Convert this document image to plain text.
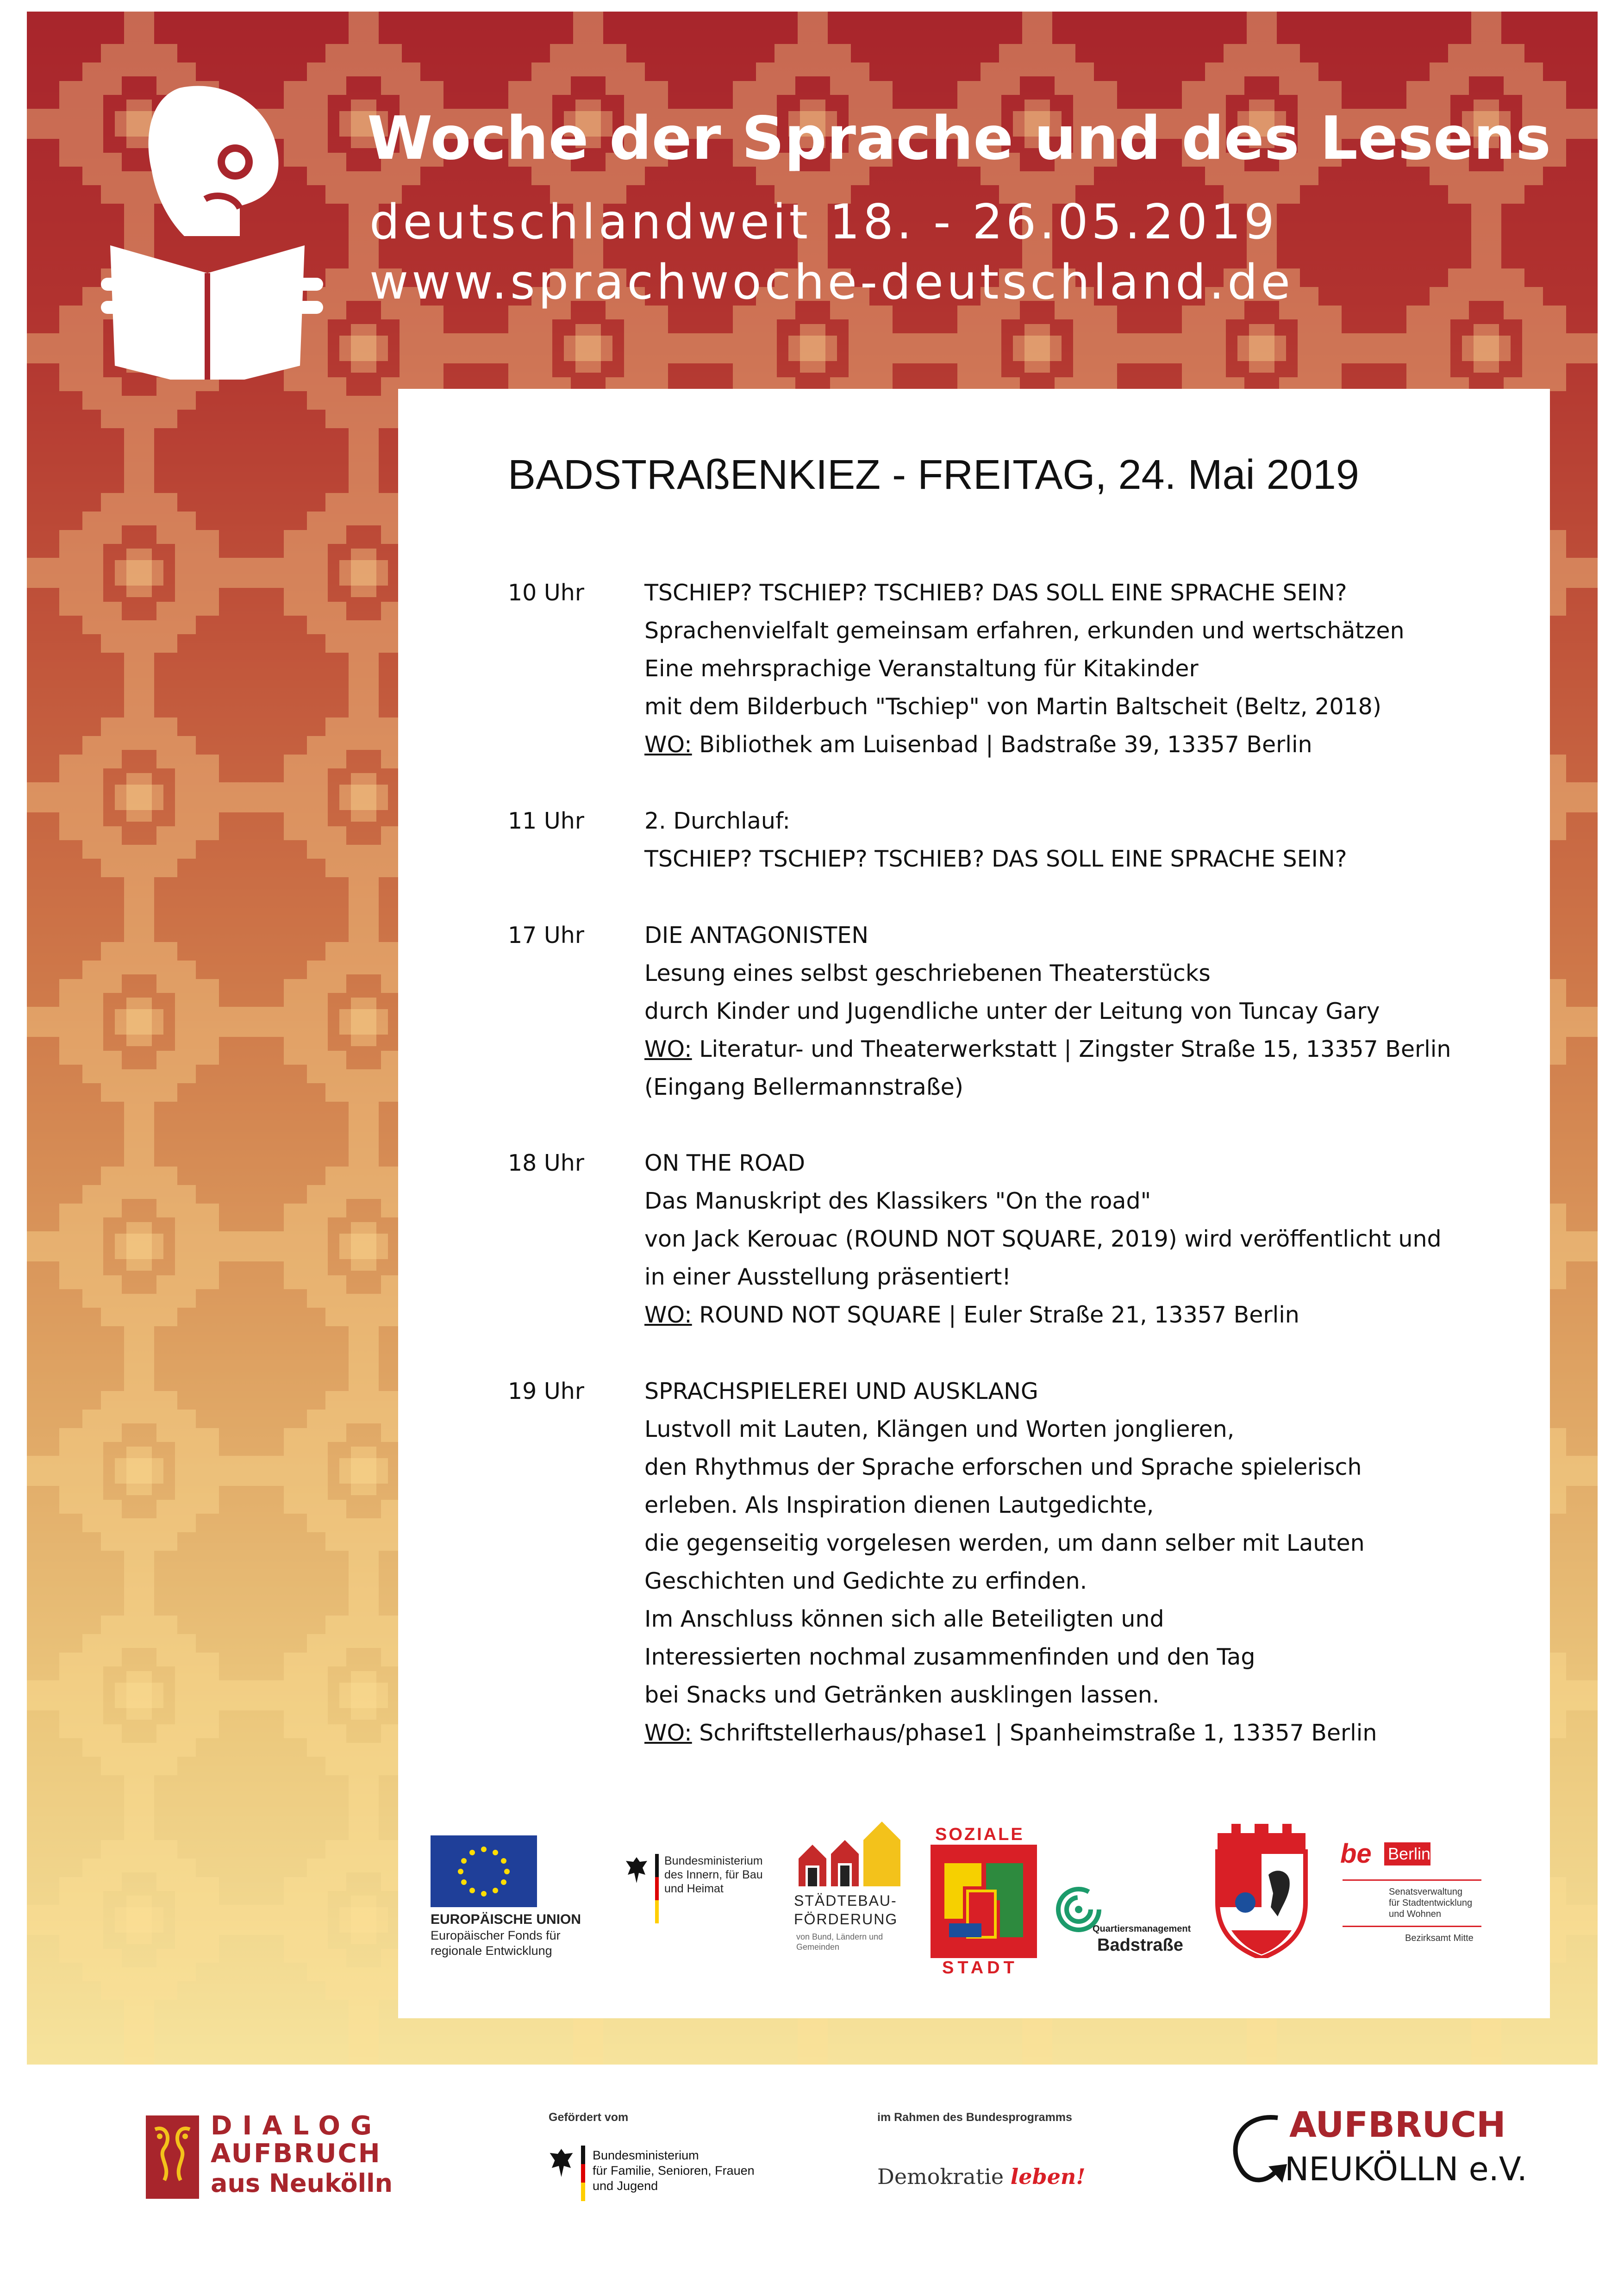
Woche der Sprache und des Lesens
deutschlandweit 18. - 26.05.2019
www.sprachwoche-deutschland.de
BADSTRAßENKIEZ - FREITAG, 24. Mai 2019
10 Uhr	TSCHIEP? TSCHIEP? TSCHIEB? DAS SOLL EINE SPRACHE SEIN?
Sprachenvielfalt gemeinsam erfahren, erkunden und wertschätzen
Eine mehrsprachige Veranstaltung für Kitakinder
mit dem Bilderbuch "Tschiep" von Martin Baltscheit (Beltz, 2018)
WO: Bibliothek am Luisenbad | Badstraße 39, 13357 Berlin
11 Uhr	2. Durchlauf:
TSCHIEP? TSCHIEP? TSCHIEB? DAS SOLL EINE SPRACHE SEIN?
17 Uhr	DIE ANTAGONISTEN
Lesung eines selbst geschriebenen Theaterstücks
durch Kinder und Jugendliche unter der Leitung von Tuncay Gary
WO: Literatur- und Theaterwerkstatt | Zingster Straße 15, 13357 Berlin
(Eingang Bellermannstraße)
18 Uhr	ON THE ROAD
Das Manuskript des Klassikers "On the road"
von Jack Kerouac (ROUND NOT SQUARE, 2019) wird veröffentlicht und
in einer Ausstellung präsentiert!
WO: ROUND NOT SQUARE | Euler Straße 21, 13357 Berlin
19 Uhr	SPRACHSPIELEREI UND AUSKLANG
Lustvoll mit Lauten, Klängen und Worten jonglieren,
den Rhythmus der Sprache erforschen und Sprache spielerisch
erleben. Als Inspiration dienen Lautgedichte,
die gegenseitig vorgelesen werden, um dann selber mit Lauten
Geschichten und Gedichte zu erfinden.
Im Anschluss können sich alle Beteiligten und
Interessierten nochmal zusammenfinden und den Tag
bei Snacks und Getränken ausklingen lassen.
WO: Schriftstellerhaus/phase1 | Spanheimstraße 1, 13357 Berlin
EUROPÄISCHE UNION
Europäischer Fonds für
regionale Entwicklung
Bundesministerium
des Innern, für Bau
und Heimat
STÄDTEBAU-
FÖRDERUNG
von Bund, Ländern und
Gemeinden
SOZIALE
STADT
Quartiersmanagement
Badstraße
be Berlin
Senatsverwaltung
für Stadtentwicklung
und Wohnen
Bezirksamt Mitte
DIALOG
AUFBRUCH
aus Neukölln
Gefördert vom
Bundesministerium
für Familie, Senioren, Frauen
und Jugend
im Rahmen des Bundesprogramms
Demokratie leben!
AUFBRUCH
NEUKÖLLN e.V.
